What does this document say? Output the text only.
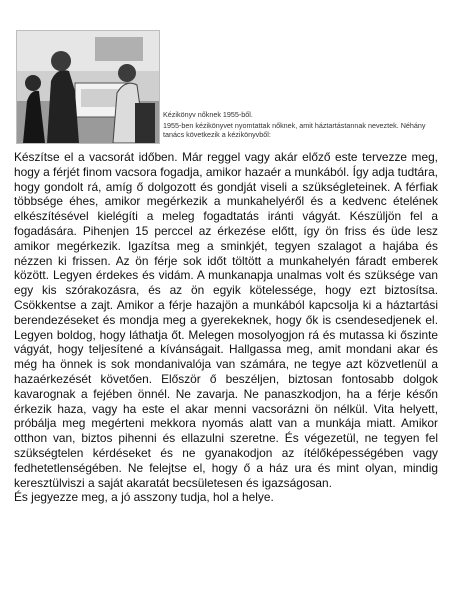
Kézikönyv nőknek 1955-ből.

1955-ben kézikönyvet nyomtattak nőknek, amit háztartástannak neveztek. Néhány tanács következik a kézikönyvből:

Készítse el a vacsorát időben. Már reggel vagy akár előző este tervezze meg, hogy a férjét finom vacsora fogadja, amikor hazaér a munkából. Így adja tudtára, hogy gondolt rá, amíg ő dolgozott és gondját viseli a szükségleteinek. A férfiak többsége éhes, amikor megérkezik a munkahelyéről és a kedvenc ételének elkészítésével kielégíti a meleg fogadtatás iránti vágyát. Készüljön fel a fogadására. Pihenjen 15 perccel az érkezése előtt, így ön friss és üde lesz amikor megérkezik. Igazítsa meg a sminkjét, tegyen szalagot a hajába és nézzen ki frissen. Az ön férje sok időt töltött a munkahelyén fáradt emberek között. Legyen érdekes és vidám. A munkanapja unalmas volt és szüksége van egy kis szórakozásra, és az ön egyik kötelessége, hogy ezt biztosítsa. Csökkentse a zajt. Amikor a férje hazajön a munkából kapcsolja ki a háztartási berendezéseket és mondja meg a gyerekeknek, hogy ők is csendesedjenek el. Legyen boldog, hogy láthatja őt. Melegen mosolyogjon rá és mutassa ki őszinte vágyát, hogy teljesítené a kívánságait. Hallgassa meg, amit mondani akar és még ha önnek is sok mondanivalója van számára, ne tegye azt közvetlenül a hazaérkezését követően. Először ő beszéljen, biztosan fontosabb dolgok kavarognak a fejében önnél. Ne zavarja. Ne panaszkodjon, ha a férje későn érkezik haza, vagy ha este el akar menni vacsorázni ön nélkül. Vita helyett, próbálja meg megérteni mekkora nyomás alatt van a munkája miatt. Amikor otthon van, biztos pihenni és ellazulni szeretne. És végezetül, ne tegyen fel szükségtelen kérdéseket és ne gyanakodjon az ítélőképességében vagy fedhetetlenségében. Ne felejtse el, hogy ő a ház ura és mint olyan, mindig keresztülviszi a saját akaratát becsületesen és igazságosan.

És jegyezze meg, a jó asszony tudja, hol a helye.
